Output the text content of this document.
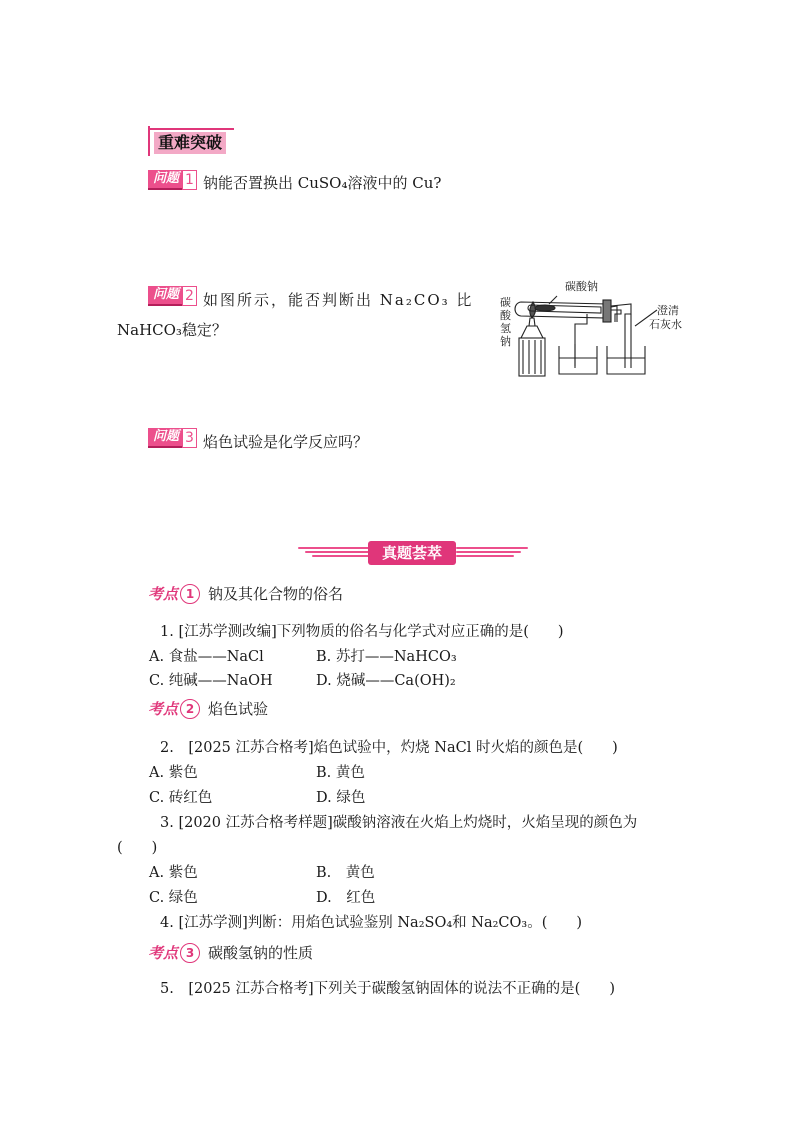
重难突破
问题 1 钠能否置换出 CuSO₄溶液中的 Cu?
问题 2 如图所示，能否判断出 Na₂CO₃ 比
NaHCO₃稳定？
碳酸钠
碳酸氢钠
澄清
石灰水
问题 3 焰色试验是化学反应吗？
真题荟萃
考点 1 钠及其化合物的俗名
1. [江苏学测改编]下列物质的俗名与化学式对应正确的是(　　)
A. 食盐——NaCl	B. 苏打——NaHCO₃
C. 纯碱——NaOH	D. 烧碱——Ca(OH)₂
考点 2 焰色试验
2.　[2025 江苏合格考]焰色试验中，灼烧 NaCl 时火焰的颜色是(　　)
A. 紫色	B. 黄色
C. 砖红色	D. 绿色
3. [2020 江苏合格考样题]碳酸钠溶液在火焰上灼烧时，火焰呈现的颜色为
(　　)
A. 紫色	B.　黄色
C. 绿色	D.　红色
4. [江苏学测]判断：用焰色试验鉴别 Na₂SO₄和 Na₂CO₃。(　　)
考点 3 碳酸氢钠的性质
5.　[2025 江苏合格考]下列关于碳酸氢钠固体的说法不正确的是(　　)
